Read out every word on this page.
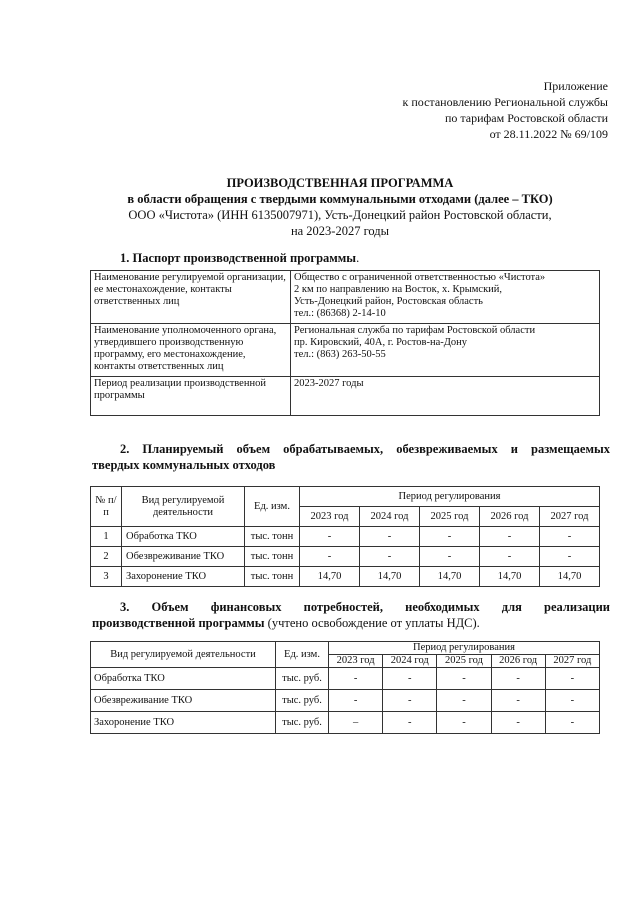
Приложение
к постановлению Региональной службы
по тарифам Ростовской области
от 28.11.2022 № 69/109
ПРОИЗВОДСТВЕННАЯ ПРОГРАММА
в области обращения с твердыми коммунальными отходами (далее – ТКО)
ООО «Чистота» (ИНН 6135007971), Усть-Донецкий район Ростовской области,
на 2023-2027 годы
1. Паспорт производственной программы.
Наименование регулируемой организации, ее местонахождение, контакты ответственных лиц	Общество с ограниченной ответственностью «Чистота»
2 км по направлению на Восток, х. Крымский,
Усть-Донецкий район, Ростовская область
тел.: (86368) 2-14-10

Наименование уполномоченного органа, утвердившего производственную программу, его местонахождение, контакты ответственных лиц	Региональная служба по тарифам Ростовской области
пр. Кировский, 40А, г. Ростов-на-Дону
тел.: (863) 263-50-55

Период реализации производственной программы	2023-2027 годы
2. Планируемый объем обрабатываемых, обезвреживаемых и размещаемых
твердых коммунальных отходов
№ п/п	Вид регулируемой деятельности	Ед. изм.	Период регулирования				
			2023 год	2024 год	2025 год	2026 год	2027 год
1	Обработка ТКО	тыс. тонн	-	-	-	-	-
2	Обезвреживание ТКО	тыс. тонн	-	-	-	-	-
3	Захоронение ТКО	тыс. тонн	14,70	14,70	14,70	14,70	14,70
3. Объем финансовых потребностей, необходимых для реализации
производственной программы (учтено освобождение от уплаты НДС).
Вид регулируемой деятельности	Ед. изм.	Период регулирования				
		2023 год	2024 год	2025 год	2026 год	2027 год
Обработка ТКО	тыс. руб.	-	-	-	-	-
Обезвреживание ТКО	тыс. руб.	-	-	-	-	-
Захоронение ТКО	тыс. руб.	–	-	-	-	-
